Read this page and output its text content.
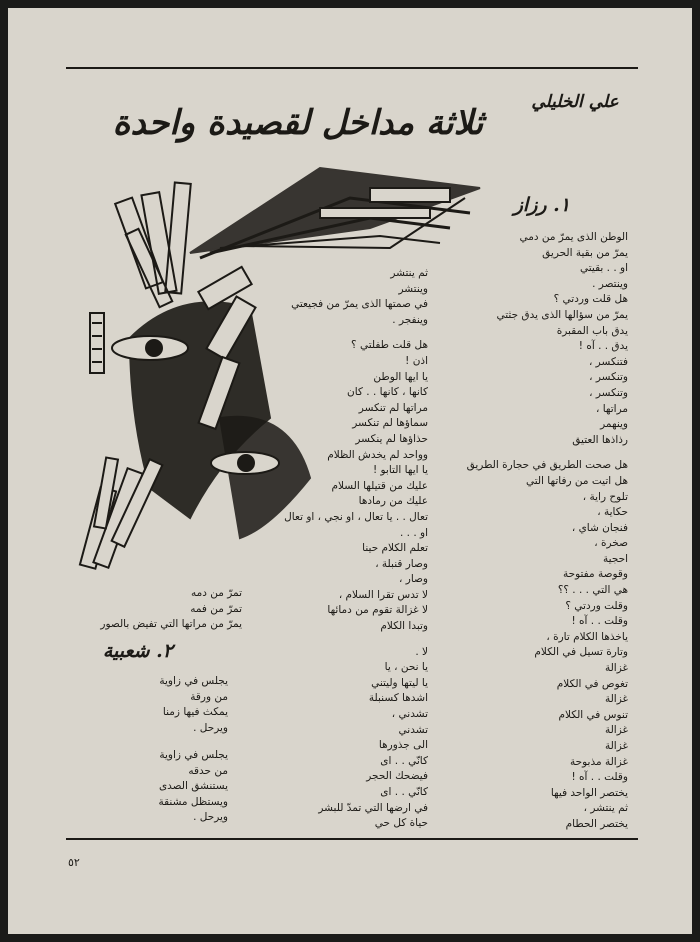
علي الخليلي
ثلاثة مداخل لقصيدة واحدة
١. رزاز
الوطن الذى يمرّ من دمي
يمرّ من بقية الحريق
او . . بقيتي
وينتصر .
هل قلت وردتي ؟
يمرّ من سؤالها الذى يدق جثتي
يدق باب المقبرة
يدق . . آه !
فتنكسر ،
وتنكسر ،
وتنكسر ،
مراتها ،
وينهمر
رذاذها العتيق
هل صحت الطريق في حجارة الطريق
هل اتيت من رفاتها التي
تلوح راية ،
حكاية ،
فنجان شاي ،
صخرة ،
احجية
وقوصة مفتوحة
هي التي . . . ؟؟
وقلت وردتي ؟
وقلت . . آه !
ياخذها الكلام تارة ،
وتارة تسيل في الكلام
غزالة
تغوص في الكلام
غزالة
تنوس في الكلام
غزالة
غزالة
غزالة مذبوحة
وقلت . . آه !
يختصر الواحد فيها
ثم ينتشر ،
يختصر الحطام
ثم ينتشر
وينتشر
في صمتها الذى يمرّ من فجيعتي
وينفجر .
هل قلت طفلتي ؟
اذن !
يا ايها الوطن
كانها ، كانها . . كان
مراتها لم تنكسر
سماؤها لم تنكسر
حذاؤها لم ينكسر
وواحد لم يخدش الظلام
يا ايها التابو !
عليك من قتيلها السلام
عليك من رمادها
تعال . . يا تعال ، او نجي ، او تعال
او . . .
تعلم الكلام حينا
وصار قنبلة ،
وصار ،
لا تدس تقرا السلام ،
لا غزالة تقوم من دمائها
وتبدا الكلام
لا .
يا نحن ، يا
يا ليتها وليتني
اشدها كسنبلة
تشدني ،
تشدني
الى جذورها
كانّي . . اى
فيضحك الحجر
كانّي . . اى
في ارضها التي تمدّ للبشر
حياة كل حي
تمرّ من دمه
تمرّ من فمه
يمرّ من مراتها التي تفيض بالصور
٢. شعبية
يجلس في زاوية
من ورقة
يمكث فيها زمنا
ويرحل .
يجلس في زاوية
من حدقه
يستنشق الصدى
ويستظل مشنقة
ويرحل .
٥٢
